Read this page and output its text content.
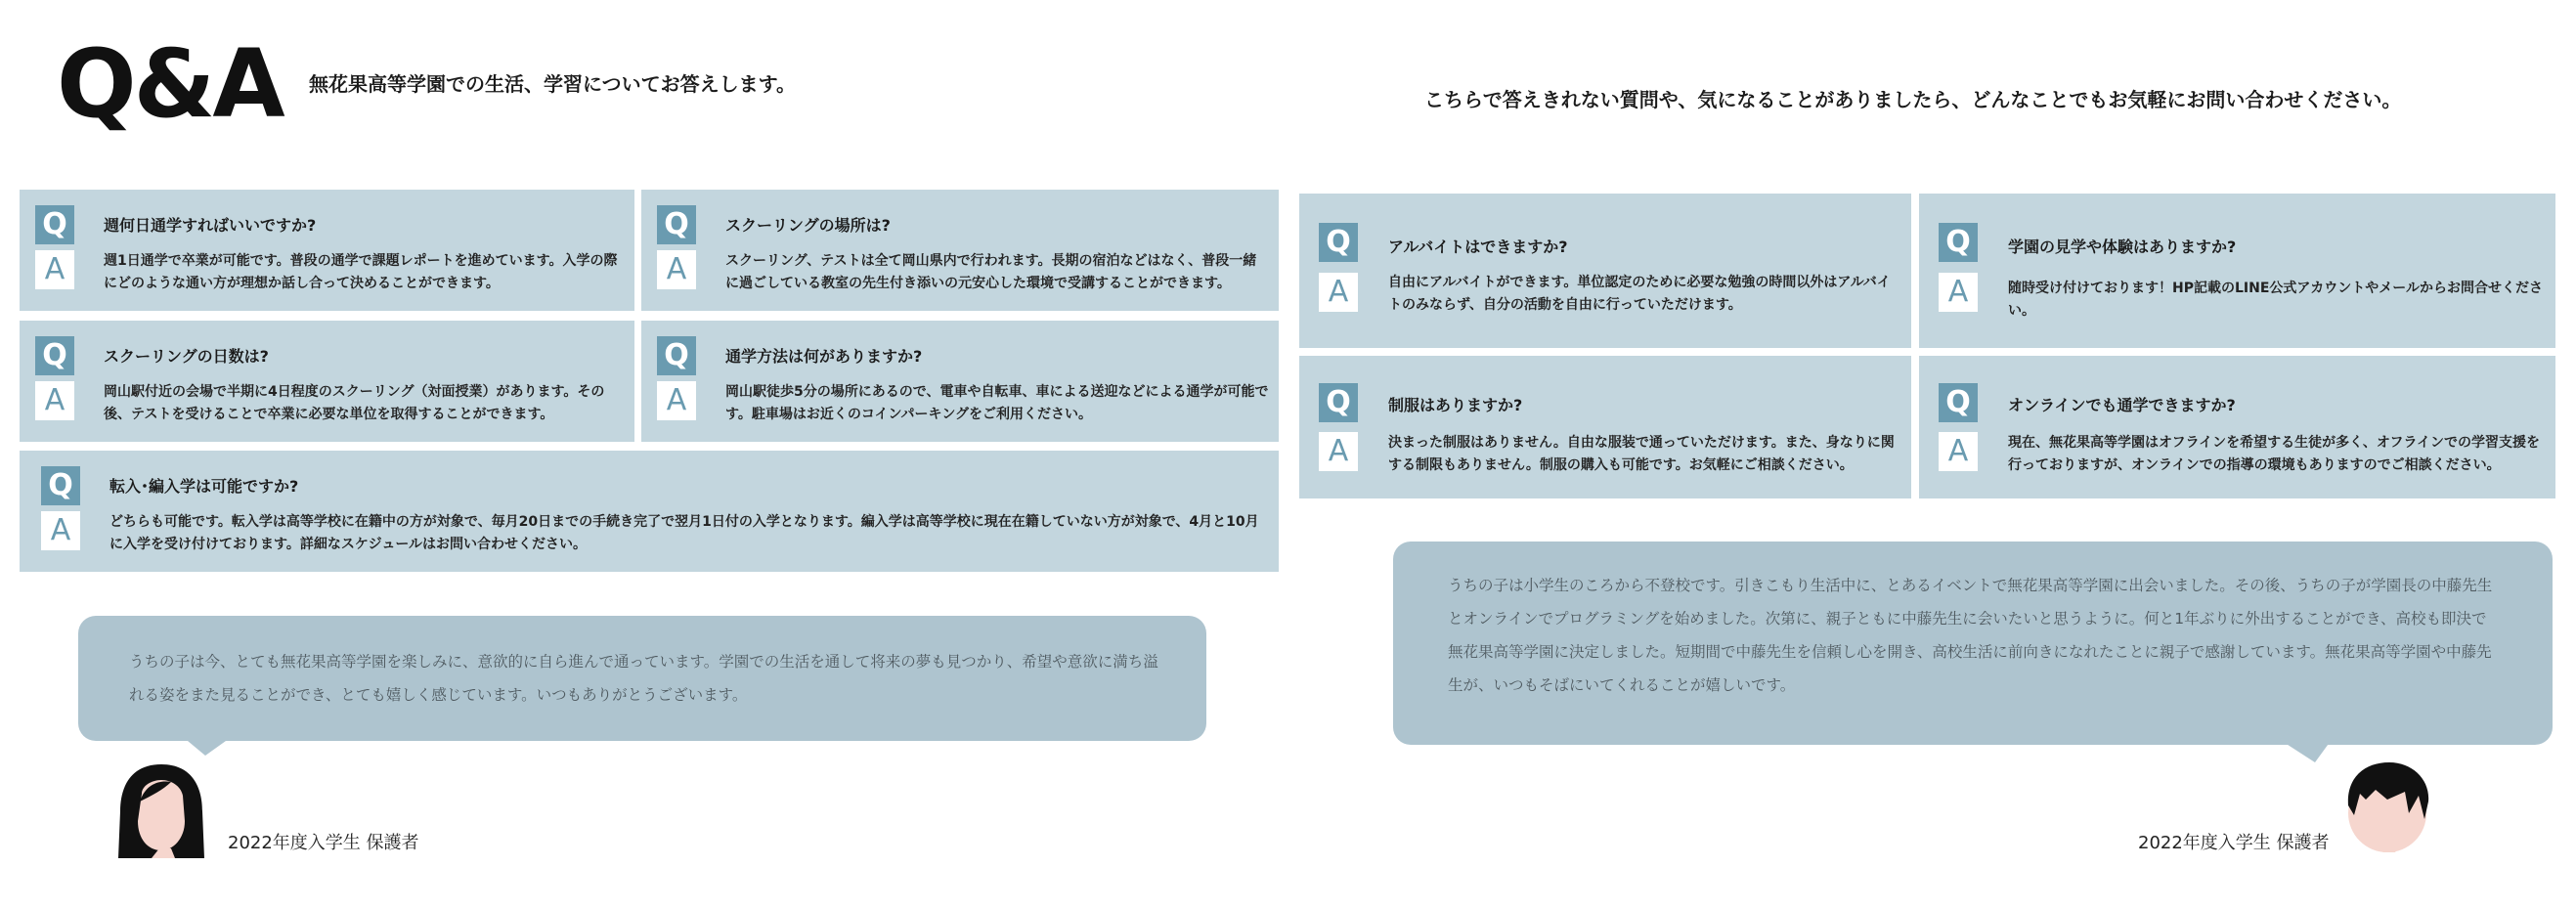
Q&A 無花果高等学園での生活、学習についてお答えします。
こちらで答えきれない質問や、気になることがありましたら、どんなことでもお気軽にお問い合わせください。
Q
A
週何日通学すればいいですか?
週1日通学で卒業が可能です。普段の通学で課題レポートを進めています。入学の際にどのような通い方が理想か話し合って決めることができます。
Q
A
スクーリングの場所は?
スクーリング、テストは全て岡山県内で行われます。長期の宿泊などはなく、普段一緒に過ごしている教室の先生付き添いの元安心した環境で受講することができます。
Q
A
スクーリングの日数は?
岡山駅付近の会場で半期に4日程度のスクーリング（対面授業）があります。その後、テストを受けることで卒業に必要な単位を取得することができます。
Q
A
通学方法は何がありますか?
岡山駅徒歩5分の場所にあるので、電車や自転車、車による送迎などによる通学が可能です。駐車場はお近くのコインパーキングをご利用ください。
Q
A
転入･編入学は可能ですか?
どちらも可能です。転入学は高等学校に在籍中の方が対象で、毎月20日までの手続き完了で翌月1日付の入学となります。編入学は高等学校に現在在籍していない方が対象で、4月と10月に入学を受け付けております。詳細なスケジュールはお問い合わせください。
Q
A
アルバイトはできますか?
自由にアルバイトができます。単位認定のために必要な勉強の時間以外はアルバイトのみならず、自分の活動を自由に行っていただけます。
Q
A
学園の見学や体験はありますか?
随時受け付けております！HP記載のLINE公式アカウントやメールからお問合せください。
Q
A
制服はありますか?
決まった制服はありません。自由な服装で通っていただけます。また、身なりに関する制限もありません。制服の購入も可能です。お気軽にご相談ください。
Q
A
オンラインでも通学できますか?
現在、無花果高等学園はオフラインを希望する生徒が多く、オフラインでの学習支援を行っておりますが、オンラインでの指導の環境もありますのでご相談ください。
うちの子は今、とても無花果高等学園を楽しみに、意欲的に自ら進んで通っています。学園での生活を通して将来の夢も見つかり、希望や意欲に満ち溢れる姿をまた見ることができ、とても嬉しく感じています。いつもありがとうございます。
2022年度入学生 保護者
うちの子は小学生のころから不登校です。引きこもり生活中に、とあるイベントで無花果高等学園に出会いました。その後、うちの子が学園長の中藤先生とオンラインでプログラミングを始めました。次第に、親子ともに中藤先生に会いたいと思うように。何と1年ぶりに外出することができ、高校も即決で無花果高等学園に決定しました。短期間で中藤先生を信頼し心を開き、高校生活に前向きになれたことに親子で感謝しています。無花果高等学園や中藤先生が、いつもそばにいてくれることが嬉しいです。
2022年度入学生 保護者
